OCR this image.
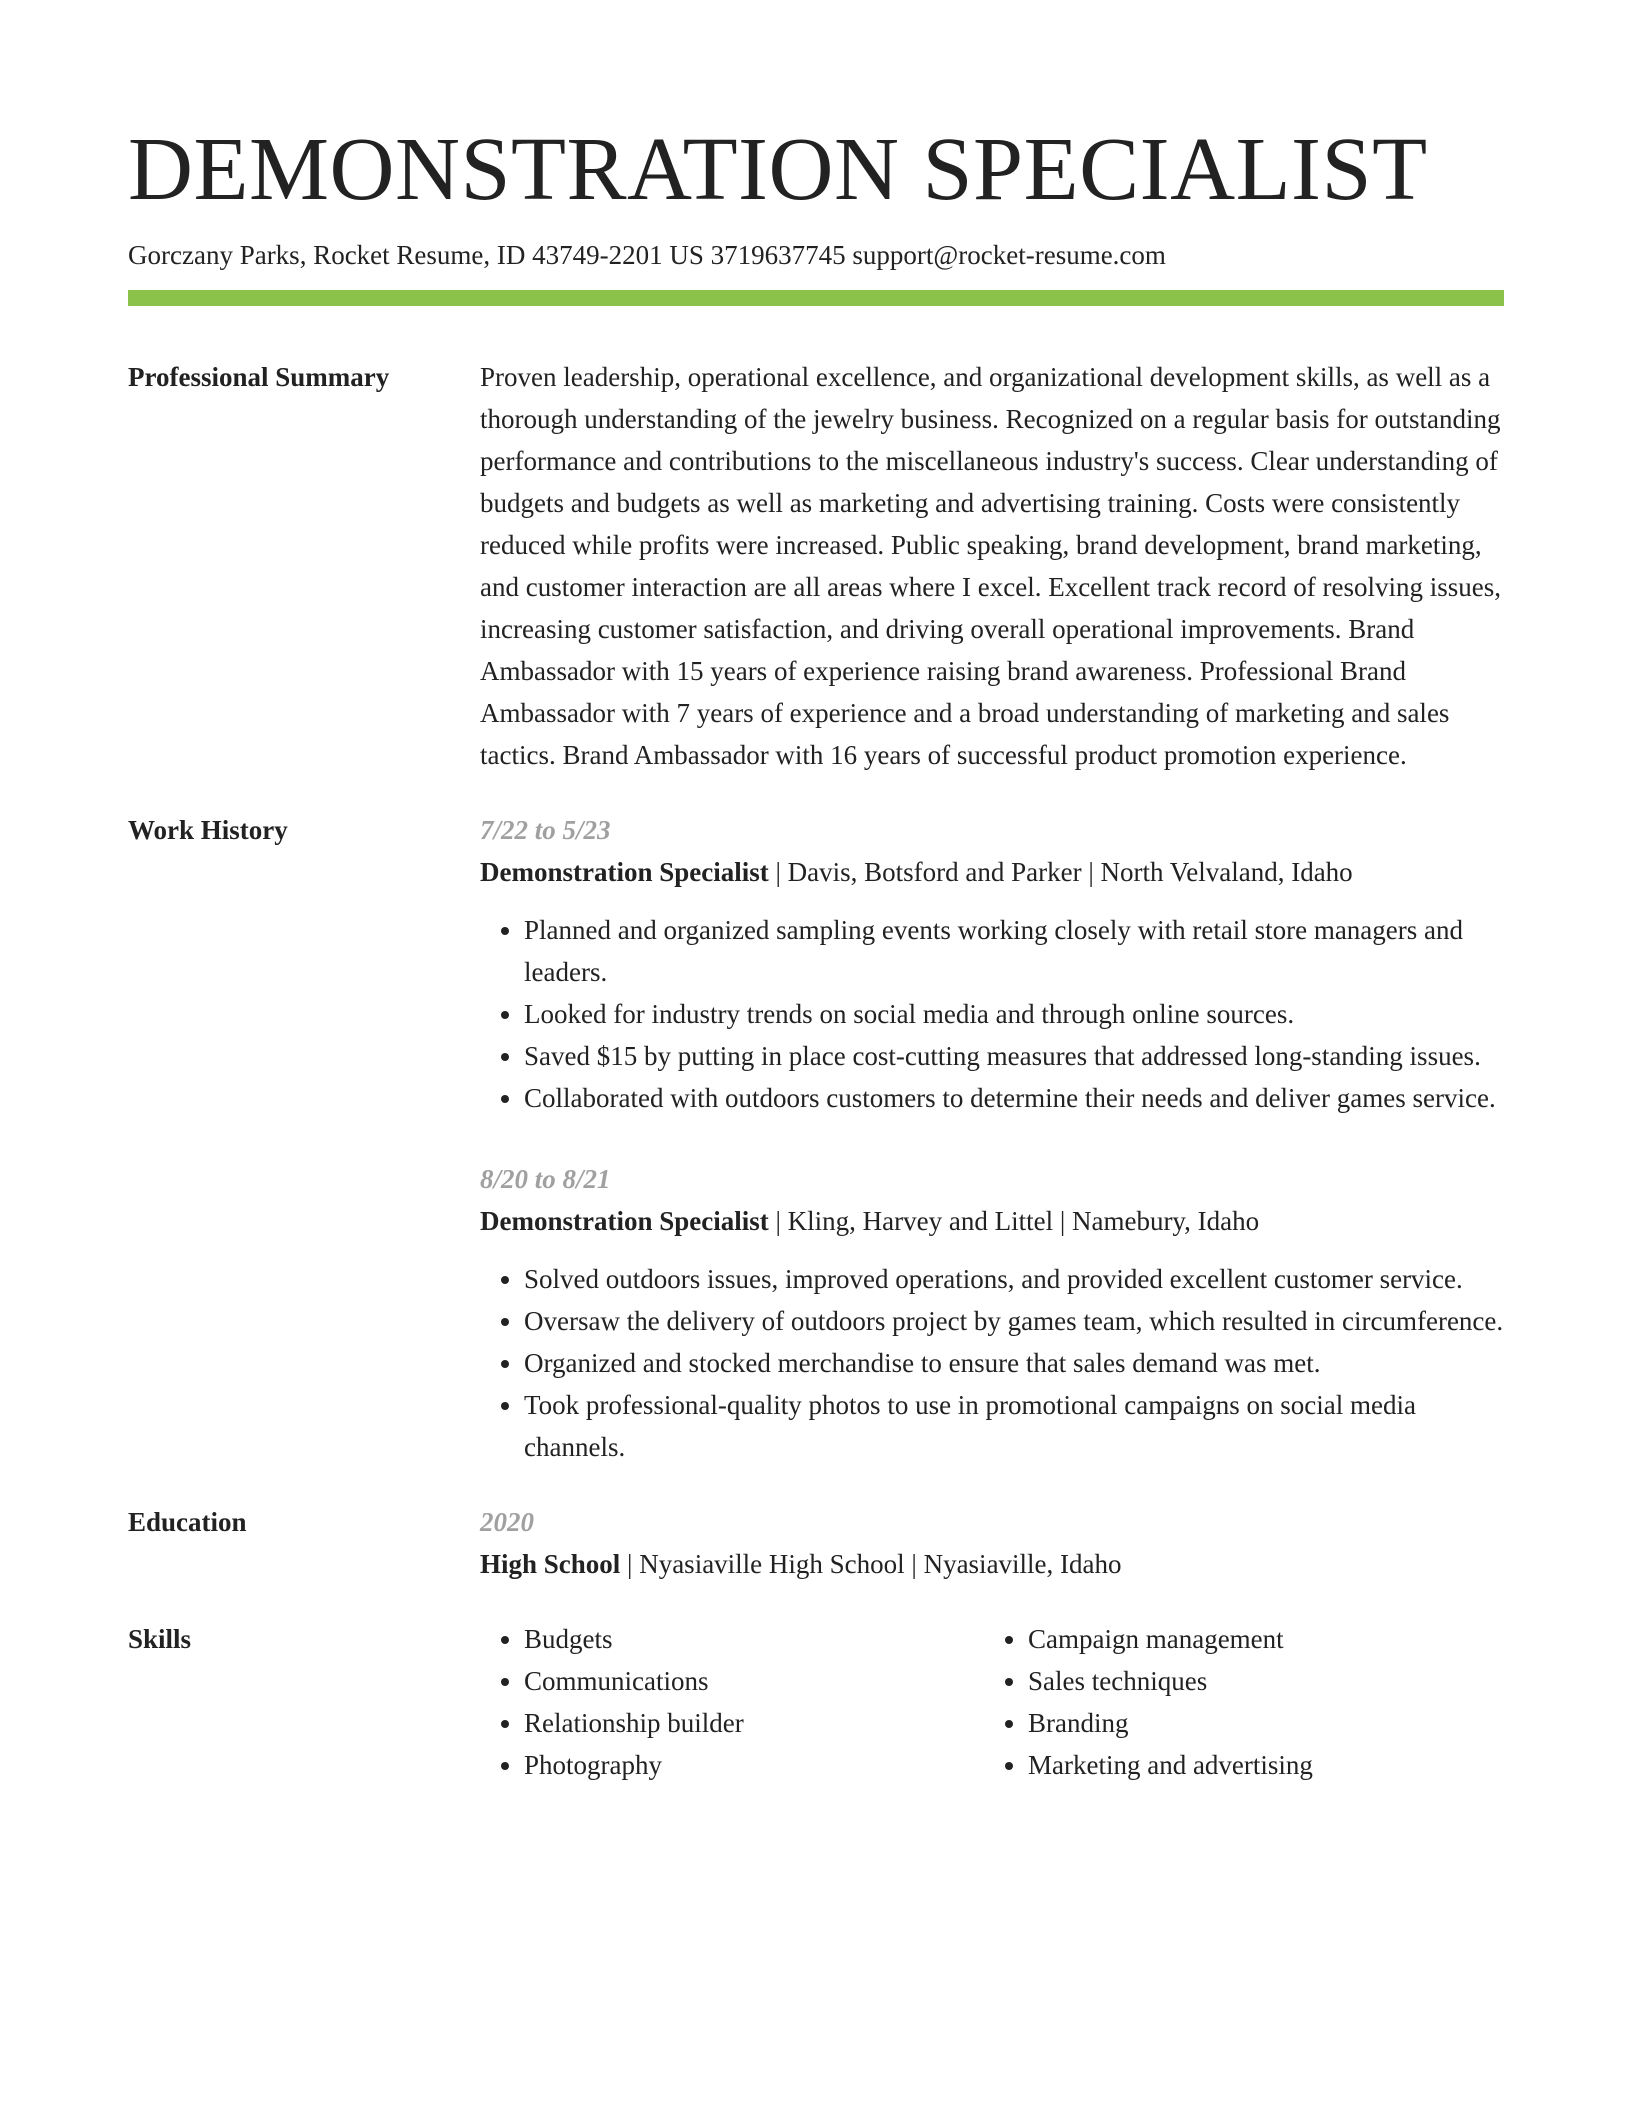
DEMONSTRATION SPECIALIST
Gorczany Parks, Rocket Resume, ID 43749-2201 US 3719637745 support@rocket-resume.com
Professional Summary	Proven leadership, operational excellence, and organizational development skills, as well as a thorough understanding of the jewelry business. Recognized on a regular basis for outstanding performance and contributions to the miscellaneous industry's success. Clear understanding of budgets and budgets as well as marketing and advertising training. Costs were consistently reduced while profits were increased. Public speaking, brand development, brand marketing, and customer interaction are all areas where I excel. Excellent track record of resolving issues, increasing customer satisfaction, and driving overall operational improvements. Brand Ambassador with 15 years of experience raising brand awareness. Professional Brand Ambassador with 7 years of experience and a broad understanding of marketing and sales tactics. Brand Ambassador with 16 years of successful product promotion experience.
Work History	7/22 to 5/23
Demonstration Specialist | Davis, Botsford and Parker | North Velvaland, Idaho
• Planned and organized sampling events working closely with retail store managers and leaders.
• Looked for industry trends on social media and through online sources.
• Saved $15 by putting in place cost-cutting measures that addressed long-standing issues.
• Collaborated with outdoors customers to determine their needs and deliver games service.
8/20 to 8/21
Demonstration Specialist | Kling, Harvey and Littel | Namebury, Idaho
• Solved outdoors issues, improved operations, and provided excellent customer service.
• Oversaw the delivery of outdoors project by games team, which resulted in circumference.
• Organized and stocked merchandise to ensure that sales demand was met.
• Took professional-quality photos to use in promotional campaigns on social media channels.
Education	2020
High School | Nyasiaville High School | Nyasiaville, Idaho
Skills
•	Budgets
• Communications
• Relationship builder
• Photography
• Campaign management
• Sales techniques
• Branding
• Marketing and advertising
